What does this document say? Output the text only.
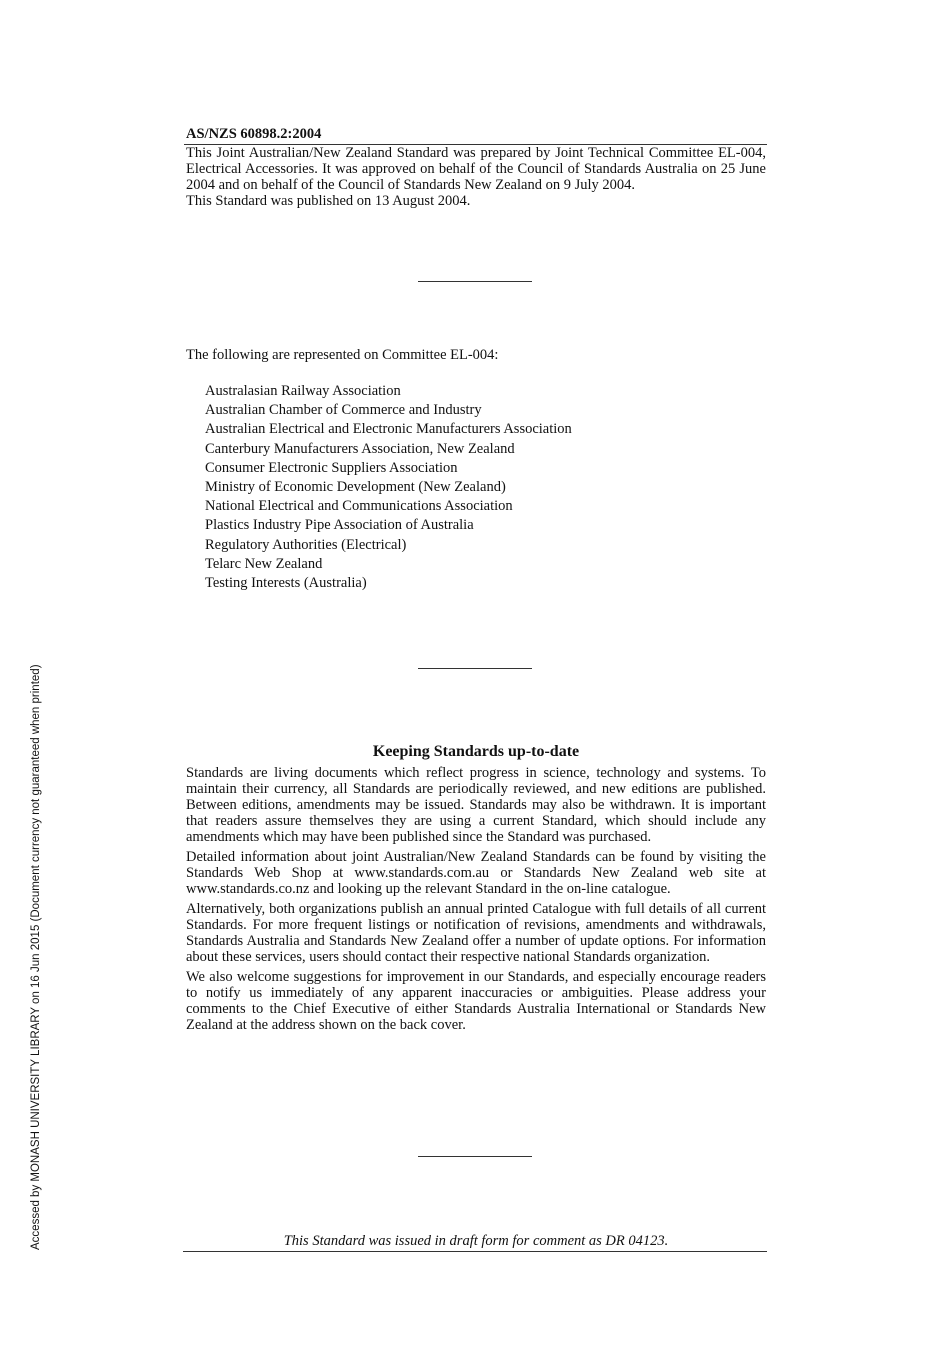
AS/NZS 60898.2:2004

This Joint Australian/New Zealand Standard was prepared by Joint Technical Committee EL-004, Electrical Accessories. It was approved on behalf of the Council of Standards Australia on 25 June 2004 and on behalf of the Council of Standards New Zealand on 9 July 2004.

This Standard was published on 13 August 2004.

The following are represented on Committee EL-004:
Australasian Railway Association
Australian Chamber of Commerce and Industry
Australian Electrical and Electronic Manufacturers Association
Canterbury Manufacturers Association, New Zealand
Consumer Electronic Suppliers Association
Ministry of Economic Development (New Zealand)
National Electrical and Communications Association
Plastics Industry Pipe Association of Australia
Regulatory Authorities (Electrical)
Telarc New Zealand
Testing Interests (Australia)
Keeping Standards up-to-date

Standards are living documents which reflect progress in science, technology and systems. To maintain their currency, all Standards are periodically reviewed, and new editions are published. Between editions, amendments may be issued. Standards may also be withdrawn. It is important that readers assure themselves they are using a current Standard, which should include any amendments which may have been published since the Standard was purchased.

Detailed information about joint Australian/New Zealand Standards can be found by visiting the Standards Web Shop at www.standards.com.au or Standards New Zealand web site at www.standards.co.nz and looking up the relevant Standard in the on-line catalogue.

Alternatively, both organizations publish an annual printed Catalogue with full details of all current Standards. For more frequent listings or notification of revisions, amendments and withdrawals, Standards Australia and Standards New Zealand offer a number of update options. For information about these services, users should contact their respective national Standards organization.

We also welcome suggestions for improvement in our Standards, and especially encourage readers to notify us immediately of any apparent inaccuracies or ambiguities. Please address your comments to the Chief Executive of either Standards Australia International or Standards New Zealand at the address shown on the back cover.

This Standard was issued in draft form for comment as DR 04123.
Accessed by MONASH UNIVERSITY LIBRARY on 16 Jun 2015 (Document currency not guaranteed when printed)
